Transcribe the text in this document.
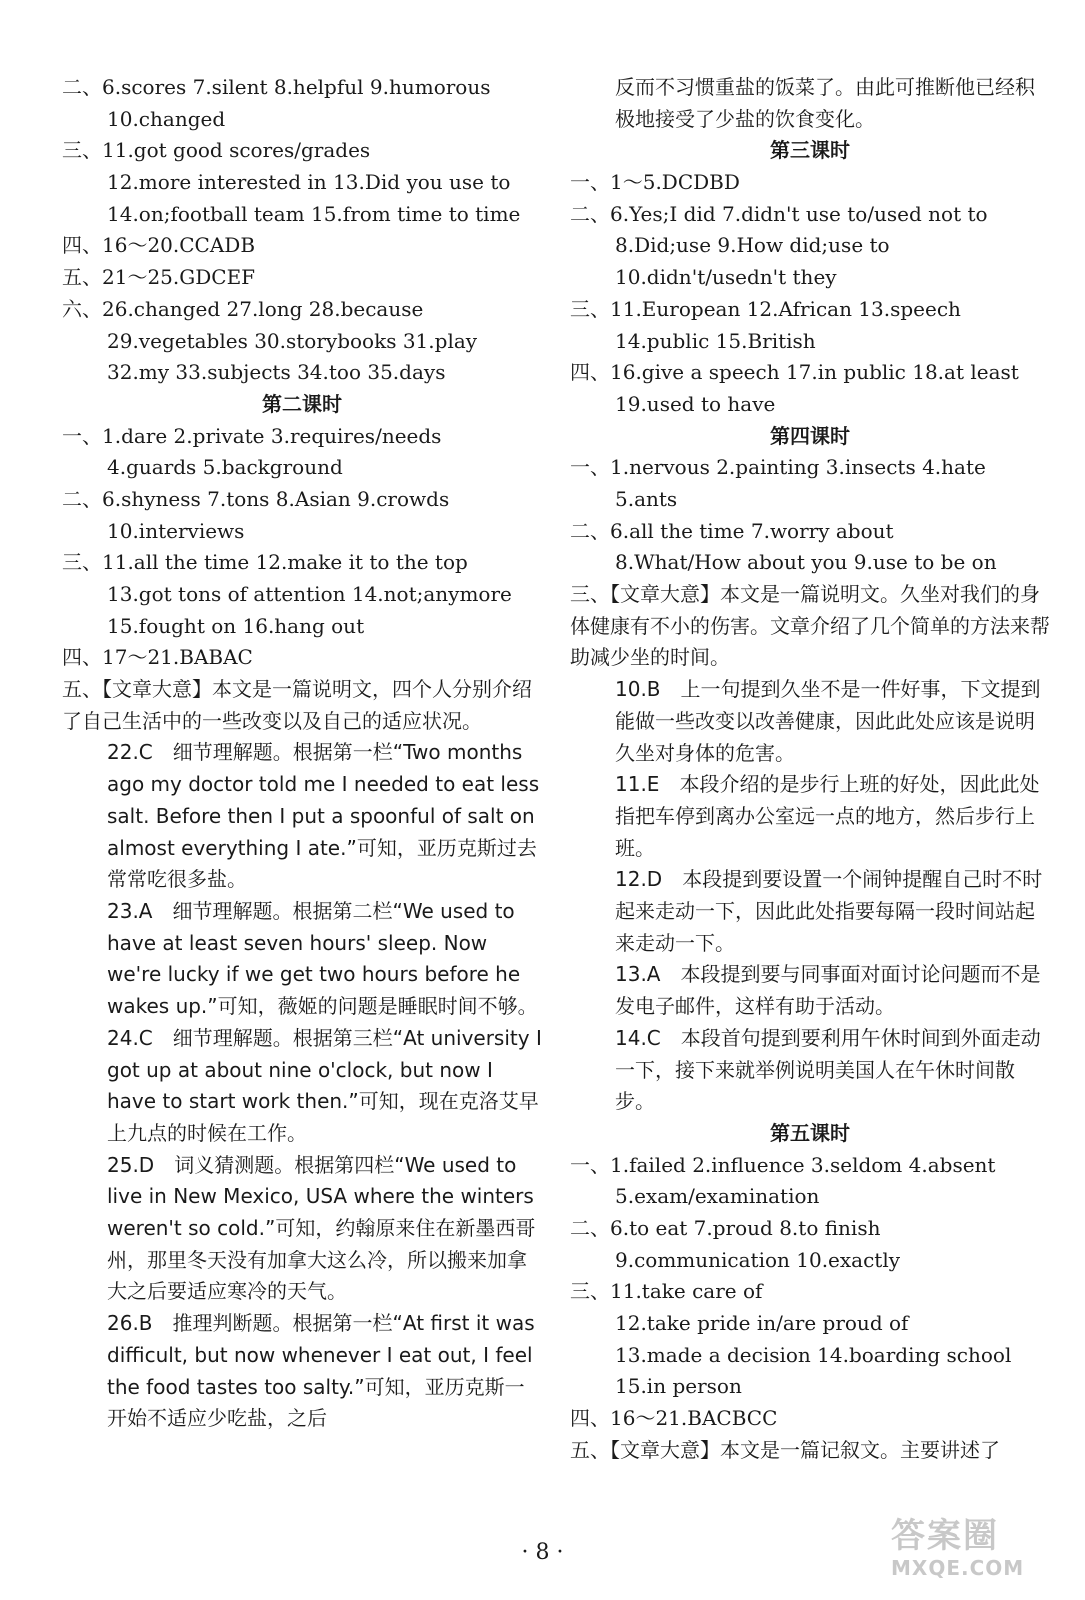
二、6.scores 7.silent 8.helpful 9.humorous
10.changed
三、11.got good scores/grades
12.more interested in 13.Did you use to
14.on;football team 15.from time to time
四、16～20.CCADB
五、21～25.GDCEF
六、26.changed 27.long 28.because
29.vegetables 30.storybooks 31.play
32.my 33.subjects 34.too 35.days
第二课时
一、1.dare 2.private 3.requires/needs
4.guards 5.background
二、6.shyness 7.tons 8.Asian 9.crowds
10.interviews
三、11.all the time 12.make it to the top
13.got tons of attention 14.not;anymore
15.fought on 16.hang out
四、17～21.BABAC
五、【文章大意】本文是一篇说明文，四个人分别介绍了自己生活中的一些改变以及自己的适应状况。
22.C　细节理解题。根据第一栏“Two months ago my doctor told me I needed to eat less salt. Before then I put a spoonful of salt on almost everything I ate.”可知，亚历克斯过去常常吃很多盐。
23.A　细节理解题。根据第二栏“We used to have at least seven hours' sleep. Now we're lucky if we get two hours before he wakes up.”可知，薇姬的问题是睡眠时间不够。
24.C　细节理解题。根据第三栏“At university I got up at about nine o'clock, but now I have to start work then.”可知，现在克洛艾早上九点的时候在工作。
25.D　词义猜测题。根据第四栏“We used to live in New Mexico, USA where the winters weren't so cold.”可知，约翰原来住在新墨西哥州，那里冬天没有加拿大这么冷，所以搬来加拿大之后要适应寒冷的天气。
26.B　推理判断题。根据第一栏“At first it was difficult, but now whenever I eat out, I feel the food tastes too salty.”可知，亚历克斯一开始不适应少吃盐，之后
反而不习惯重盐的饭菜了。由此可推断他已经积极地接受了少盐的饮食变化。
第三课时
一、1～5.DCDBD
二、6.Yes;I did 7.didn't use to/used not to
8.Did;use 9.How did;use to
10.didn't/usedn't they
三、11.European 12.African 13.speech
14.public 15.British
四、16.give a speech 17.in public 18.at least
19.used to have
第四课时
一、1.nervous 2.painting 3.insects 4.hate
5.ants
二、6.all the time 7.worry about
8.What/How about you 9.use to be on
三、【文章大意】本文是一篇说明文。久坐对我们的身体健康有不小的伤害。文章介绍了几个简单的方法来帮助减少坐的时间。
10.B　上一句提到久坐不是一件好事，下文提到能做一些改变以改善健康，因此此处应该是说明久坐对身体的危害。
11.E　本段介绍的是步行上班的好处，因此此处指把车停到离办公室远一点的地方，然后步行上班。
12.D　本段提到要设置一个闹钟提醒自己时不时起来走动一下，因此此处指要每隔一段时间站起来走动一下。
13.A　本段提到要与同事面对面讨论问题而不是发电子邮件，这样有助于活动。
14.C　本段首句提到要利用午休时间到外面走动一下，接下来就举例说明美国人在午休时间散步。
第五课时
一、1.failed 2.influence 3.seldom 4.absent
5.exam/examination
二、6.to eat 7.proud 8.to finish
9.communication 10.exactly
三、11.take care of
12.take pride in/are proud of
13.made a decision 14.boarding school
15.in person
四、16～21.BACBCC
五、【文章大意】本文是一篇记叙文。主要讲述了
· 8 ·	答案圈
MXQE.COM
